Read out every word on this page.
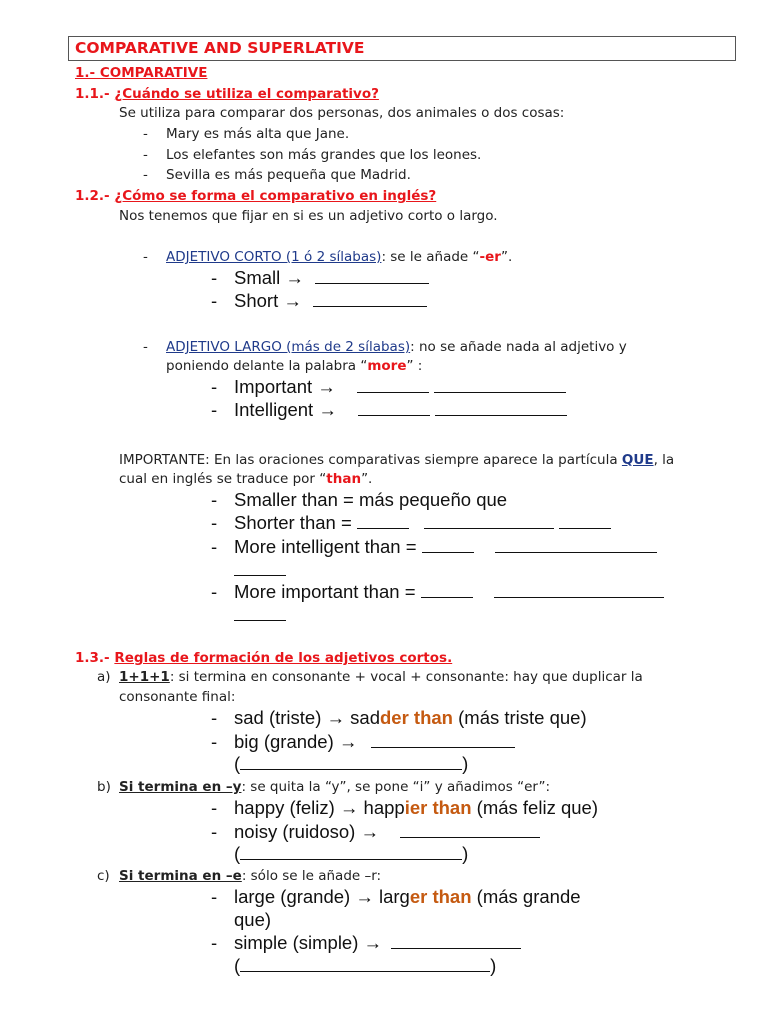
COMPARATIVE AND SUPERLATIVE
1.- COMPARATIVE
1.1.- ¿Cuándo se utiliza el comparativo?
Se utiliza para comparar dos personas, dos animales o dos cosas:
- Mary es más alta que Jane.
- Los elefantes son más grandes que los leones.
- Sevilla es más pequeña que Madrid.
1.2.- ¿Cómo se forma el comparativo en inglés?
Nos tenemos que fijar en si es un adjetivo corto o largo.
- ADJETIVO CORTO (1 ó 2 sílabas): se le añade “-er”.
- Small →
- Short →
- ADJETIVO LARGO (más de 2 sílabas): no se añade nada al adjetivo y
poniendo delante la palabra “more” :
- Important →
- Intelligent →
IMPORTANTE: En las oraciones comparativas siempre aparece la partícula QUE, la
cual en inglés se traduce por “than”.
- Smaller than = más pequeño que
- Shorter than =
- More intelligent than =
- More important than =
1.3.- Reglas de formación de los adjetivos cortos.
a) 1+1+1: si termina en consonante + vocal + consonante: hay que duplicar la
consonante final:
- sad (triste) → sadder than (más triste que)
- big (grande) →
(	)
b) Si termina en –y: se quita la “y”, se pone “i” y añadimos “er”:
- happy (feliz) → happier than (más feliz que)
- noisy (ruidoso) →
(	)
c) Si termina en –e: sólo se le añade –r:
- large (grande) → larger than (más grande
que)
- simple (simple) →
(	)
